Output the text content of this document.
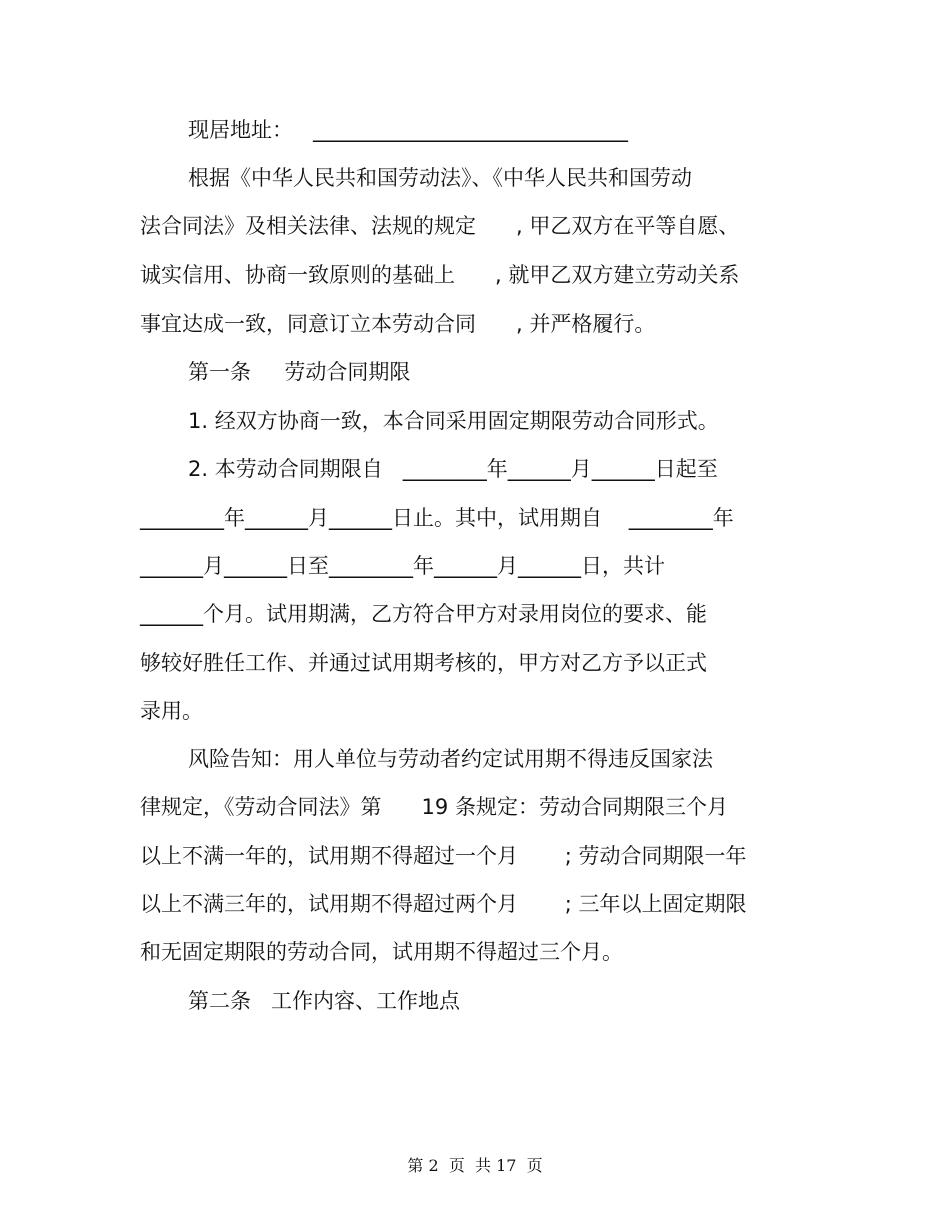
现居地址：   ______________________________
根据《中华人民共和国劳动法》、《中华人民共和国劳动
法合同法》及相关法律、法规的规定      , 甲乙双方在平等自愿、
诚实信用、协商一致原则的基础上      , 就甲乙双方建立劳动关系
事宜达成一致，同意订立本劳动合同      , 并严格履行。
第一条     劳动合同期限
1. 经双方协商一致，本合同采用固定期限劳动合同形式。
2. 本劳动合同期限自   ________年______月______日起至
________年______月______日止。其中，试用期自    ________年
______月______日至________年______月______日，共计
______个月。试用期满，乙方符合甲方对录用岗位的要求、能
够较好胜任工作、并通过试用期考核的，甲方对乙方予以正式
录用。
风险告知：用人单位与劳动者约定试用期不得违反国家法
律规定，《劳动合同法》第      19 条规定：劳动合同期限三个月
以上不满一年的，试用期不得超过一个月       ; 劳动合同期限一年
以上不满三年的，试用期不得超过两个月       ; 三年以上固定期限
和无固定期限的劳动合同，试用期不得超过三个月。
第二条   工作内容、工作地点
第 2  页  共 17  页
